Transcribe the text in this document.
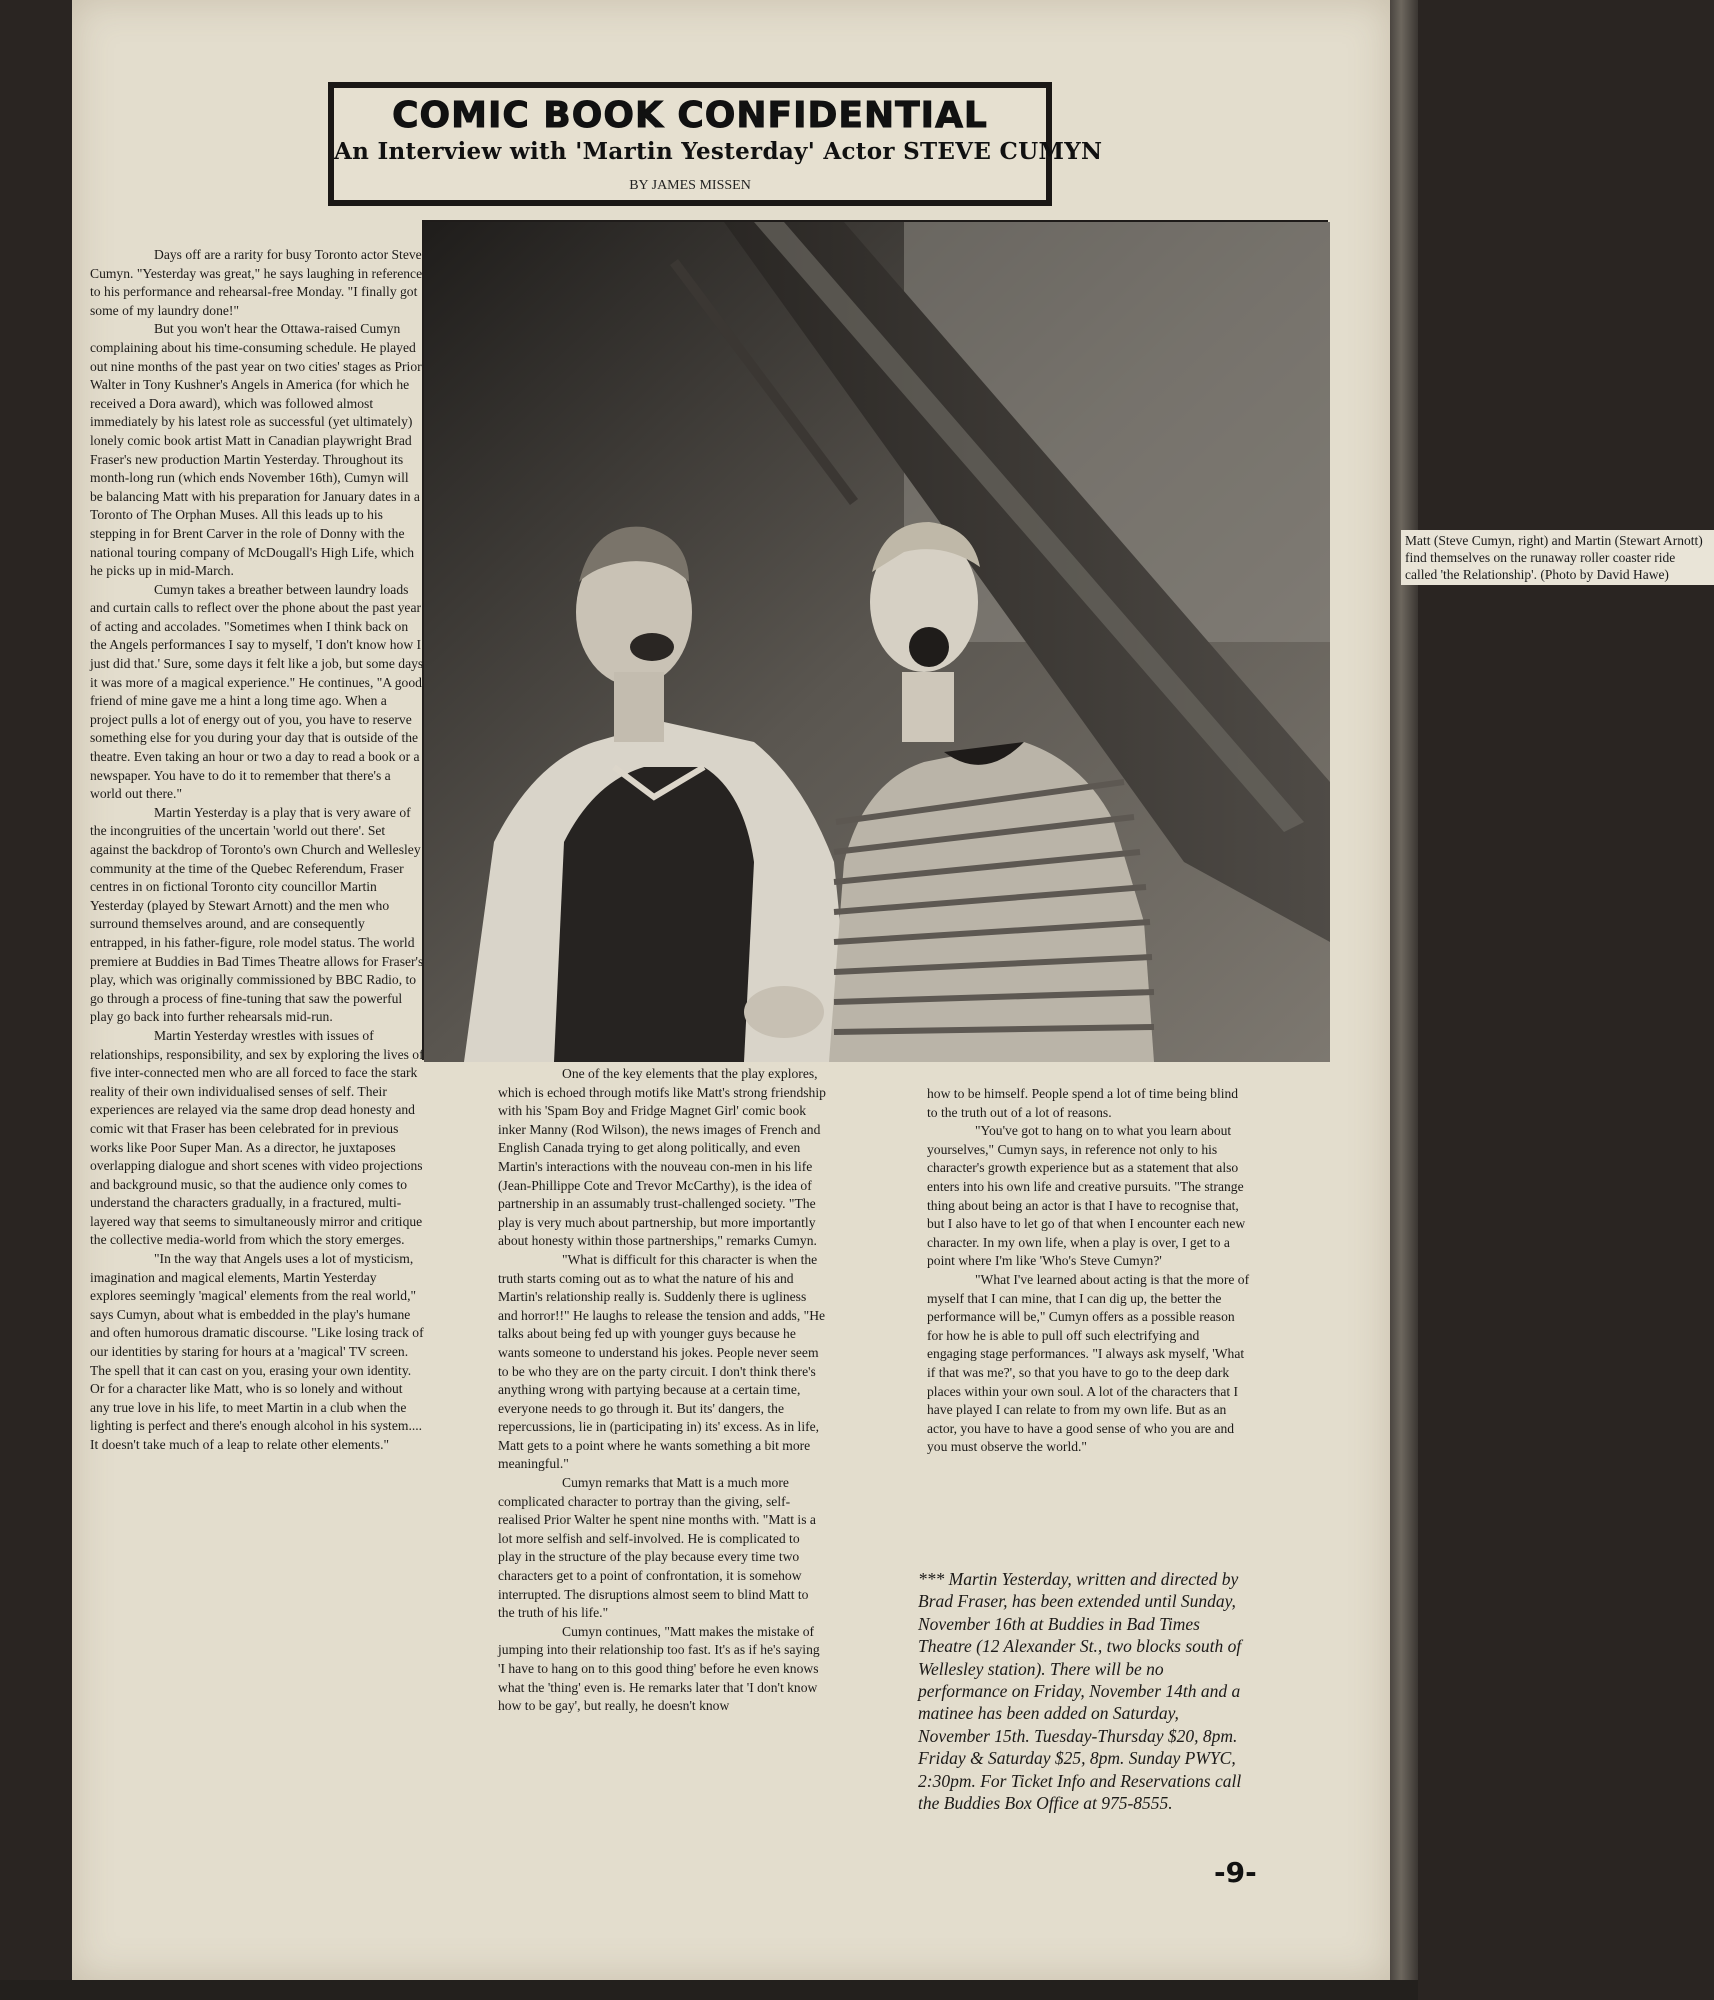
COMIC BOOK CONFIDENTIAL
An Interview with 'Martin Yesterday' Actor STEVE CUMYN
BY JAMES MISSEN
Matt (Steve Cumyn, right) and Martin (Stewart Arnott) find themselves on the runaway roller coaster ride called 'the Relationship'. (Photo by David Hawe)

Days off are a rarity for busy Toronto actor Steve Cumyn. "Yesterday was great," he says laughing in reference to his performance and rehearsal-free Monday. "I finally got some of my laundry done!"

But you won't hear the Ottawa-raised Cumyn complaining about his time-consuming schedule. He played out nine months of the past year on two cities' stages as Prior Walter in Tony Kushner's Angels in America (for which he received a Dora award), which was followed almost immediately by his latest role as successful (yet ultimately) lonely comic book artist Matt in Canadian playwright Brad Fraser's new production Martin Yesterday. Throughout its month-long run (which ends November 16th), Cumyn will be balancing Matt with his preparation for January dates in a Toronto of The Orphan Muses. All this leads up to his stepping in for Brent Carver in the role of Donny with the national touring company of McDougall's High Life, which he picks up in mid-March.

Cumyn takes a breather between laundry loads and curtain calls to reflect over the phone about the past year of acting and accolades. "Sometimes when I think back on the Angels performances I say to myself, 'I don't know how I just did that.' Sure, some days it felt like a job, but some days it was more of a magical experience." He continues, "A good friend of mine gave me a hint a long time ago. When a project pulls a lot of energy out of you, you have to reserve something else for you during your day that is outside of the theatre. Even taking an hour or two a day to read a book or a newspaper. You have to do it to remember that there's a world out there."

Martin Yesterday is a play that is very aware of the incongruities of the uncertain 'world out there'. Set against the backdrop of Toronto's own Church and Wellesley community at the time of the Quebec Referendum, Fraser centres in on fictional Toronto city councillor Martin Yesterday (played by Stewart Arnott) and the men who surround themselves around, and are consequently entrapped, in his father-figure, role model status. The world premiere at Buddies in Bad Times Theatre allows for Fraser's play, which was originally commissioned by BBC Radio, to go through a process of fine-tuning that saw the powerful play go back into further rehearsals mid-run.

Martin Yesterday wrestles with issues of relationships, responsibility, and sex by exploring the lives of five inter-connected men who are all forced to face the stark reality of their own individualised senses of self. Their experiences are relayed via the same drop dead honesty and comic wit that Fraser has been celebrated for in previous works like Poor Super Man. As a director, he juxtaposes overlapping dialogue and short scenes with video projections and background music, so that the audience only comes to understand the characters gradually, in a fractured, multi-layered way that seems to simultaneously mirror and critique the collective media-world from which the story emerges.

"In the way that Angels uses a lot of mysticism, imagination and magical elements, Martin Yesterday explores seemingly 'magical' elements from the real world," says Cumyn, about what is embedded in the play's humane and often humorous dramatic discourse. "Like losing track of our identities by staring for hours at a 'magical' TV screen. The spell that it can cast on you, erasing your own identity. Or for a character like Matt, who is so lonely and without any true love in his life, to meet Martin in a club when the lighting is perfect and there's enough alcohol in his system.... It doesn't take much of a leap to relate other elements."

One of the key elements that the play explores, which is echoed through motifs like Matt's strong friendship with his 'Spam Boy and Fridge Magnet Girl' comic book inker Manny (Rod Wilson), the news images of French and English Canada trying to get along politically, and even Martin's interactions with the nouveau con-men in his life (Jean-Phillippe Cote and Trevor McCarthy), is the idea of partnership in an assumably trust-challenged society. "The play is very much about partnership, but more importantly about honesty within those partnerships," remarks Cumyn.

"What is difficult for this character is when the truth starts coming out as to what the nature of his and Martin's relationship really is. Suddenly there is ugliness and horror!!" He laughs to release the tension and adds, "He talks about being fed up with younger guys because he wants someone to understand his jokes. People never seem to be who they are on the party circuit. I don't think there's anything wrong with partying because at a certain time, everyone needs to go through it. But its' dangers, the repercussions, lie in (participating in) its' excess. As in life, Matt gets to a point where he wants something a bit more meaningful."

Cumyn remarks that Matt is a much more complicated character to portray than the giving, self-realised Prior Walter he spent nine months with. "Matt is a lot more selfish and self-involved. He is complicated to play in the structure of the play because every time two characters get to a point of confrontation, it is somehow interrupted. The disruptions almost seem to blind Matt to the truth of his life."

Cumyn continues, "Matt makes the mistake of jumping into their relationship too fast. It's as if he's saying 'I have to hang on to this good thing' before he even knows what the 'thing' even is. He remarks later that 'I don't know how to be gay', but really, he doesn't know

how to be himself. People spend a lot of time being blind to the truth out of a lot of reasons.

"You've got to hang on to what you learn about yourselves," Cumyn says, in reference not only to his character's growth experience but as a statement that also enters into his own life and creative pursuits. "The strange thing about being an actor is that I have to recognise that, but I also have to let go of that when I encounter each new character. In my own life, when a play is over, I get to a point where I'm like 'Who's Steve Cumyn?'

"What I've learned about acting is that the more of myself that I can mine, that I can dig up, the better the performance will be," Cumyn offers as a possible reason for how he is able to pull off such electrifying and engaging stage performances. "I always ask myself, 'What if that was me?', so that you have to go to the deep dark places within your own soul. A lot of the characters that I have played I can relate to from my own life. But as an actor, you have to have a good sense of who you are and you must observe the world."

*** Martin Yesterday, written and directed by Brad Fraser, has been extended until Sunday, November 16th at Buddies in Bad Times Theatre (12 Alexander St., two blocks south of Wellesley station). There will be no performance on Friday, November 14th and a matinee has been added on Saturday, November 15th. Tuesday-Thursday $20, 8pm. Friday & Saturday $25, 8pm. Sunday PWYC, 2:30pm. For Ticket Info and Reservations call the Buddies Box Office at 975-8555.
-9-
